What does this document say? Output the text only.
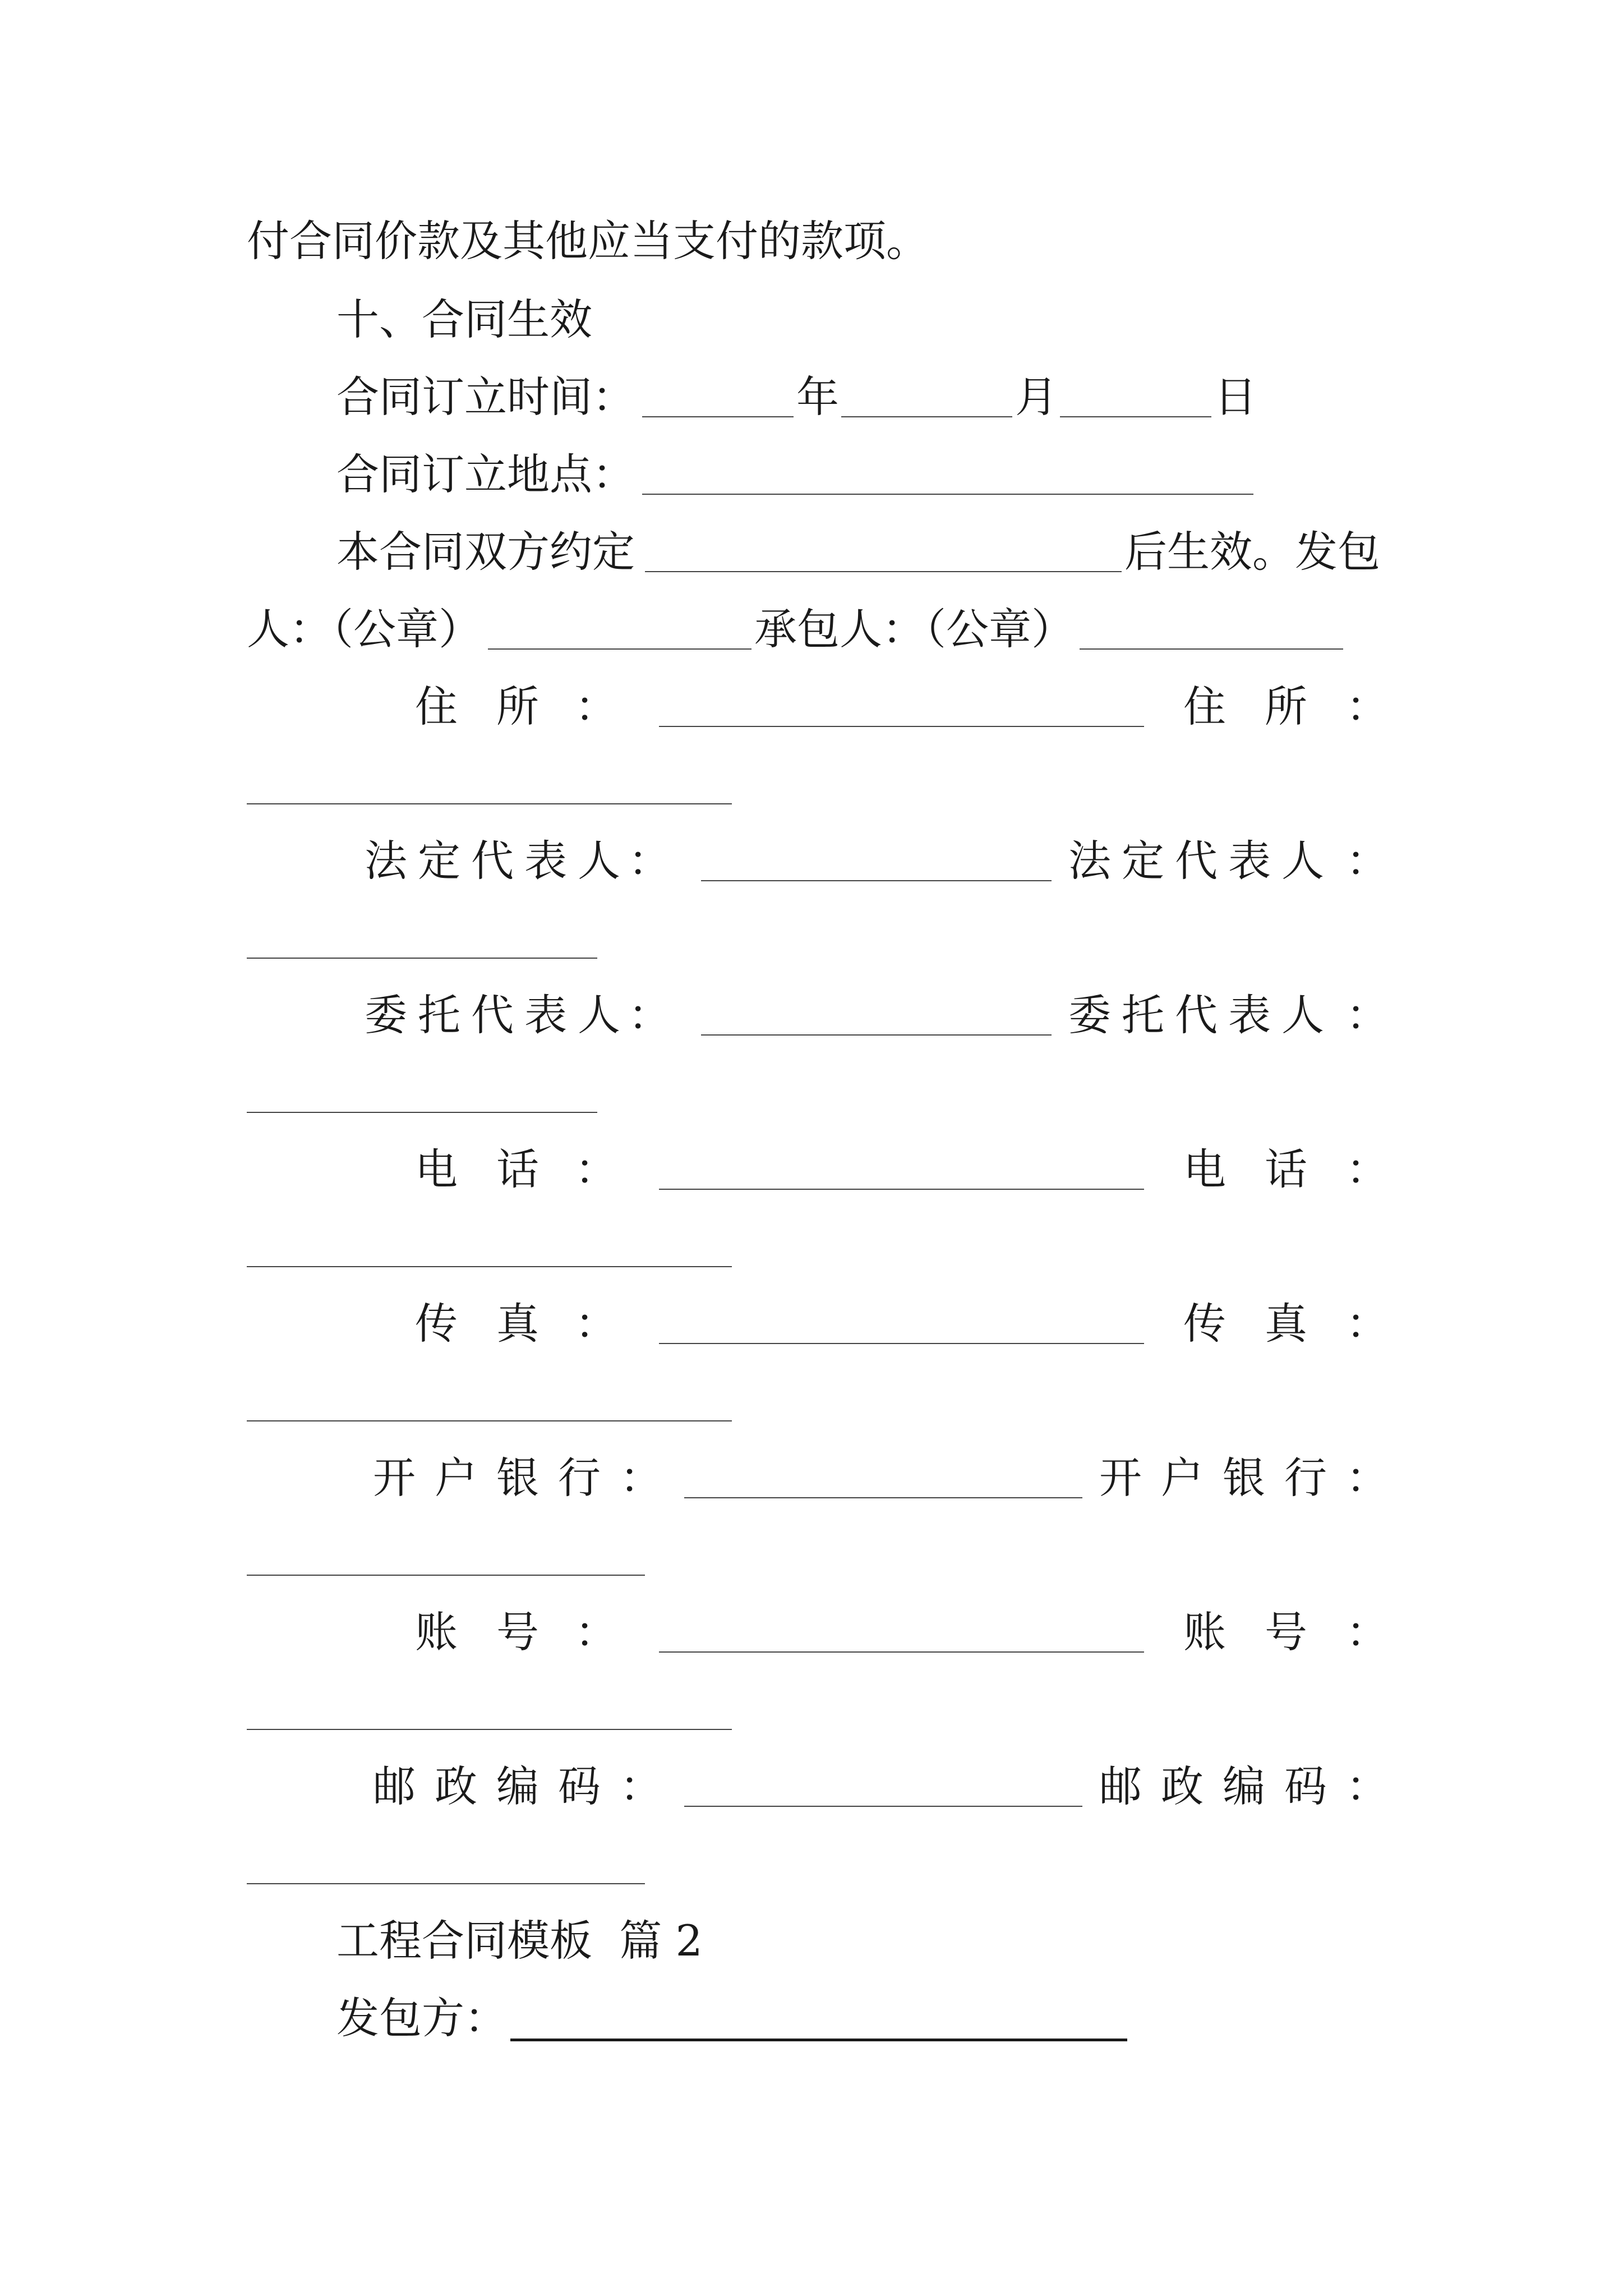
付合同价款及其他应当支付的款项。
十、合同生效
合同订立时间：	年	月	日
合同订立地点：
本合同双方约定	后生效。发包
人：（公章）	承包人：（公章）
住 所 ：	住 所 ：
法 定 代 表 人 ：	法 定 代 表 人 ：
委 托 代 表 人 ：	委 托 代 表 人 ：
电 话 ：	电 话 ：
传 真 ：	传 真 ：
开 户 银 行 ：	开 户 银 行 ：
账 号 ：	账 号 ：
邮 政 编 码 ：	邮 政 编 码 ：
工程合同模板  篇 2
发包方：
